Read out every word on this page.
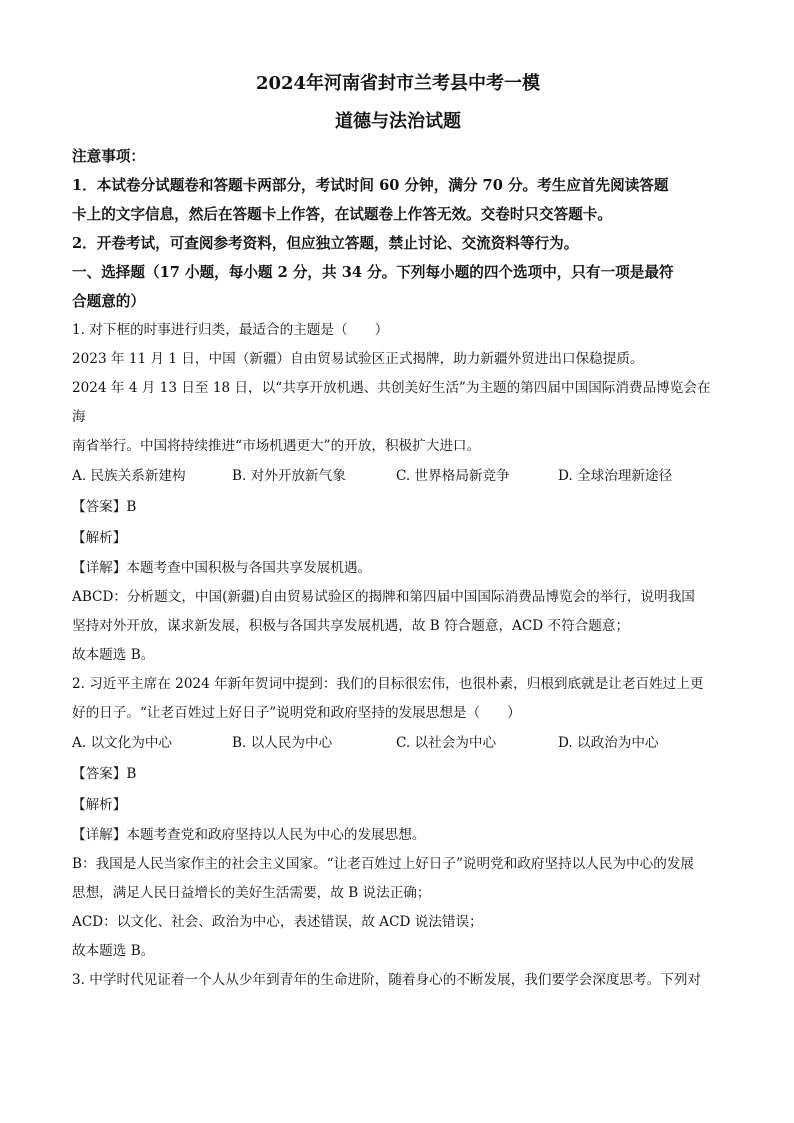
2024年河南省封市兰考县中考一模
道德与法治试题
注意事项：
1．本试卷分试题卷和答题卡两部分，考试时间 60 分钟，满分 70 分。考生应首先阅读答题
卡上的文字信息，然后在答题卡上作答，在试题卷上作答无效。交卷时只交答题卡。
2．开卷考试，可查阅参考资料，但应独立答题，禁止讨论、交流资料等行为。
一、选择题（17 小题，每小题 2 分，共 34 分。下列每小题的四个选项中，只有一项是最符
合题意的）
1. 对下框的时事进行归类，最适合的主题是（　　）
2023 年 11 月 1 日，中国（新疆）自由贸易试验区正式揭牌，助力新疆外贸进出口保稳提质。
2024 年 4 月 13 日至 18 日，以“共享开放机遇、共创美好生活”为主题的第四届中国国际消费品博览会在海
南省举行。中国将持续推进“市场机遇更大”的开放，积极扩大进口。
A. 民族关系新建构	B. 对外开放新气象	C. 世界格局新竞争	D. 全球治理新途径
【答案】B
【解析】
【详解】本题考查中国积极与各国共享发展机遇。
ABCD：分析题文，中国(新疆)自由贸易试验区的揭牌和第四届中国国际消费品博览会的举行，说明我国
坚持对外开放，谋求新发展，积极与各国共享发展机遇，故 B 符合题意，ACD 不符合题意；
故本题选 B。
2. 习近平主席在 2024 年新年贺词中提到：我们的目标很宏伟，也很朴素，归根到底就是让老百姓过上更
好的日子。“让老百姓过上好日子”说明党和政府坚持的发展思想是（　　）
A. 以文化为中心	B. 以人民为中心	C. 以社会为中心	D. 以政治为中心
【答案】B
【解析】
【详解】本题考查党和政府坚持以人民为中心的发展思想。
B：我国是人民当家作主的社会主义国家。“让老百姓过上好日子”说明党和政府坚持以人民为中心的发展
思想，满足人民日益增长的美好生活需要，故 B 说法正确；
ACD：以文化、社会、政治为中心，表述错误，故 ACD 说法错误；
故本题选 B。
3. 中学时代见证着一个人从少年到青年的生命进阶，随着身心的不断发展，我们要学会深度思考。下列对
